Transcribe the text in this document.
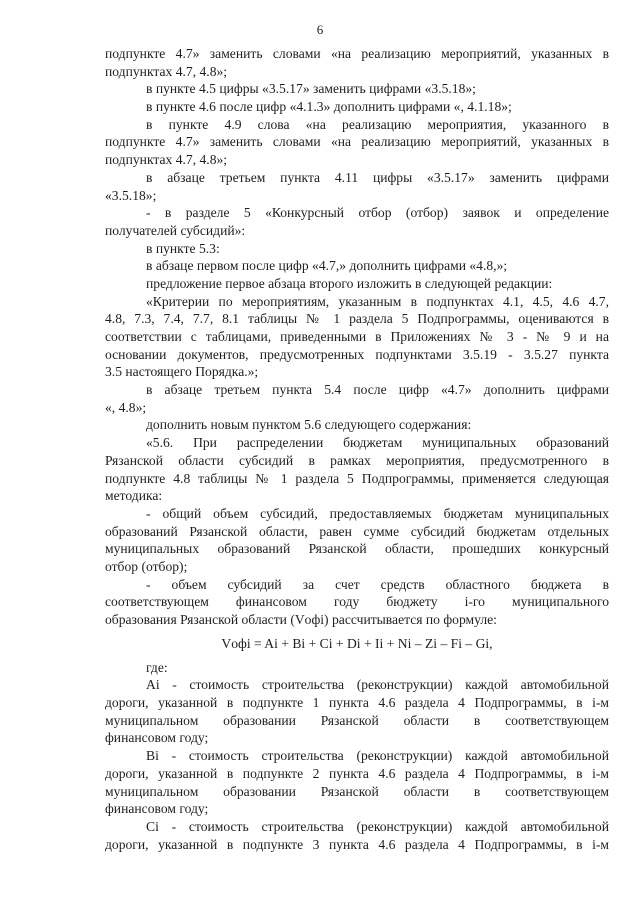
6
подпункте 4.7» заменить словами «на реализацию мероприятий, указанных в
подпунктах 4.7, 4.8»;
в пункте 4.5 цифры «3.5.17» заменить цифрами «3.5.18»;
в пункте 4.6 после цифр «4.1.3» дополнить цифрами «, 4.1.18»;
в пункте 4.9 слова «на реализацию мероприятия, указанного в
подпункте 4.7» заменить словами «на реализацию мероприятий, указанных в
подпунктах 4.7, 4.8»;
в абзаце третьем пункта 4.11 цифры «3.5.17» заменить цифрами
«3.5.18»;
- в разделе 5 «Конкурсный отбор (отбор) заявок и определение
получателей субсидий»:
в пункте 5.3:
в абзаце первом после цифр «4.7,» дополнить цифрами «4.8,»;
предложение первое абзаца второго изложить в следующей редакции:
«Критерии по мероприятиям, указанным в подпунктах 4.1, 4.5, 4.6 4.7,
4.8, 7.3, 7.4, 7.7, 8.1 таблицы № 1 раздела 5 Подпрограммы, оцениваются в
соответствии с таблицами, приведенными в Приложениях № 3 - № 9 и на
основании документов, предусмотренных подпунктами 3.5.19 - 3.5.27 пункта
3.5 настоящего Порядка.»;
в абзаце третьем пункта 5.4 после цифр «4.7» дополнить цифрами
«, 4.8»;
дополнить новым пунктом 5.6 следующего содержания:
«5.6. При распределении бюджетам муниципальных образований
Рязанской области субсидий в рамках мероприятия, предусмотренного в
подпункте 4.8 таблицы № 1 раздела 5 Подпрограммы, применяется следующая
методика:
- общий объем субсидий, предоставляемых бюджетам муниципальных
образований Рязанской области, равен сумме субсидий бюджетам отдельных
муниципальных образований Рязанской области, прошедших конкурсный
отбор (отбор);
- объем субсидий за счет средств областного бюджета в
соответствующем финансовом году бюджету i-го муниципального
образования Рязанской области (Vофi) рассчитывается по формуле:
Vофi = Ai + Bi + Ci + Di + Ii + Ni – Zi – Fi – Gi,
где:
Ai - стоимость строительства (реконструкции) каждой автомобильной
дороги, указанной в подпункте 1 пункта 4.6 раздела 4 Подпрограммы, в i-м
муниципальном образовании Рязанской области в соответствующем
финансовом году;
Bi - стоимость строительства (реконструкции) каждой автомобильной
дороги, указанной в подпункте 2 пункта 4.6 раздела 4 Подпрограммы, в i-м
муниципальном образовании Рязанской области в соответствующем
финансовом году;
Ci - стоимость строительства (реконструкции) каждой автомобильной
дороги, указанной в подпункте 3 пункта 4.6 раздела 4 Подпрограммы, в i-м
